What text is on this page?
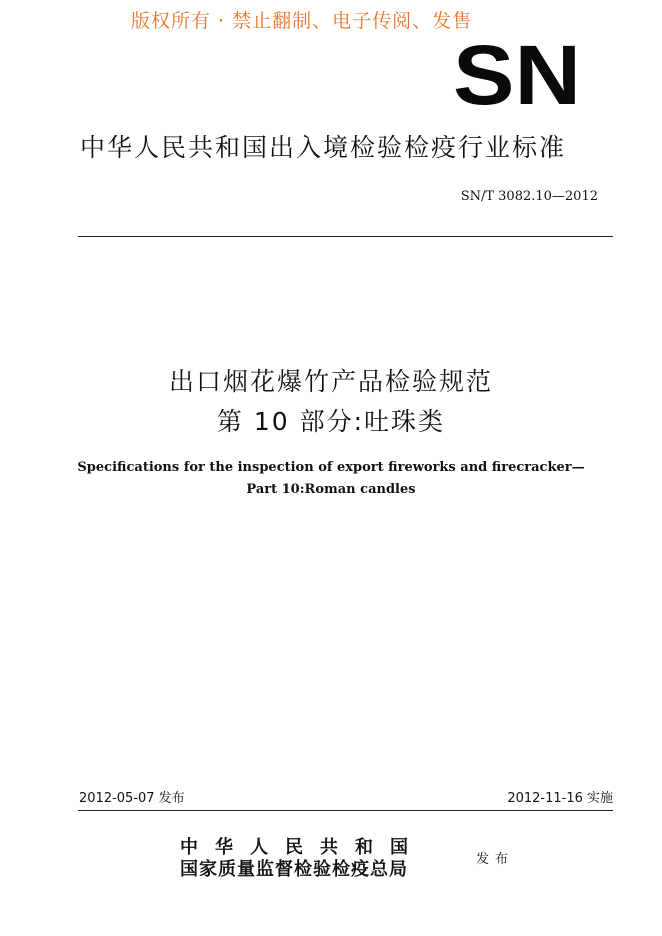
版权所有 · 禁止翻制、电子传阅、发售
SN
中华人民共和国出入境检验检疫行业标准
SN/T 3082.10—2012
出口烟花爆竹产品检验规范
第 10 部分:吐珠类
Specifications for the inspection of export fireworks and firecracker—
Part 10:Roman candles
2012-05-07 发布	2012-11-16 实施
中华人民共和国
国家质量监督检验检疫总局	发布
